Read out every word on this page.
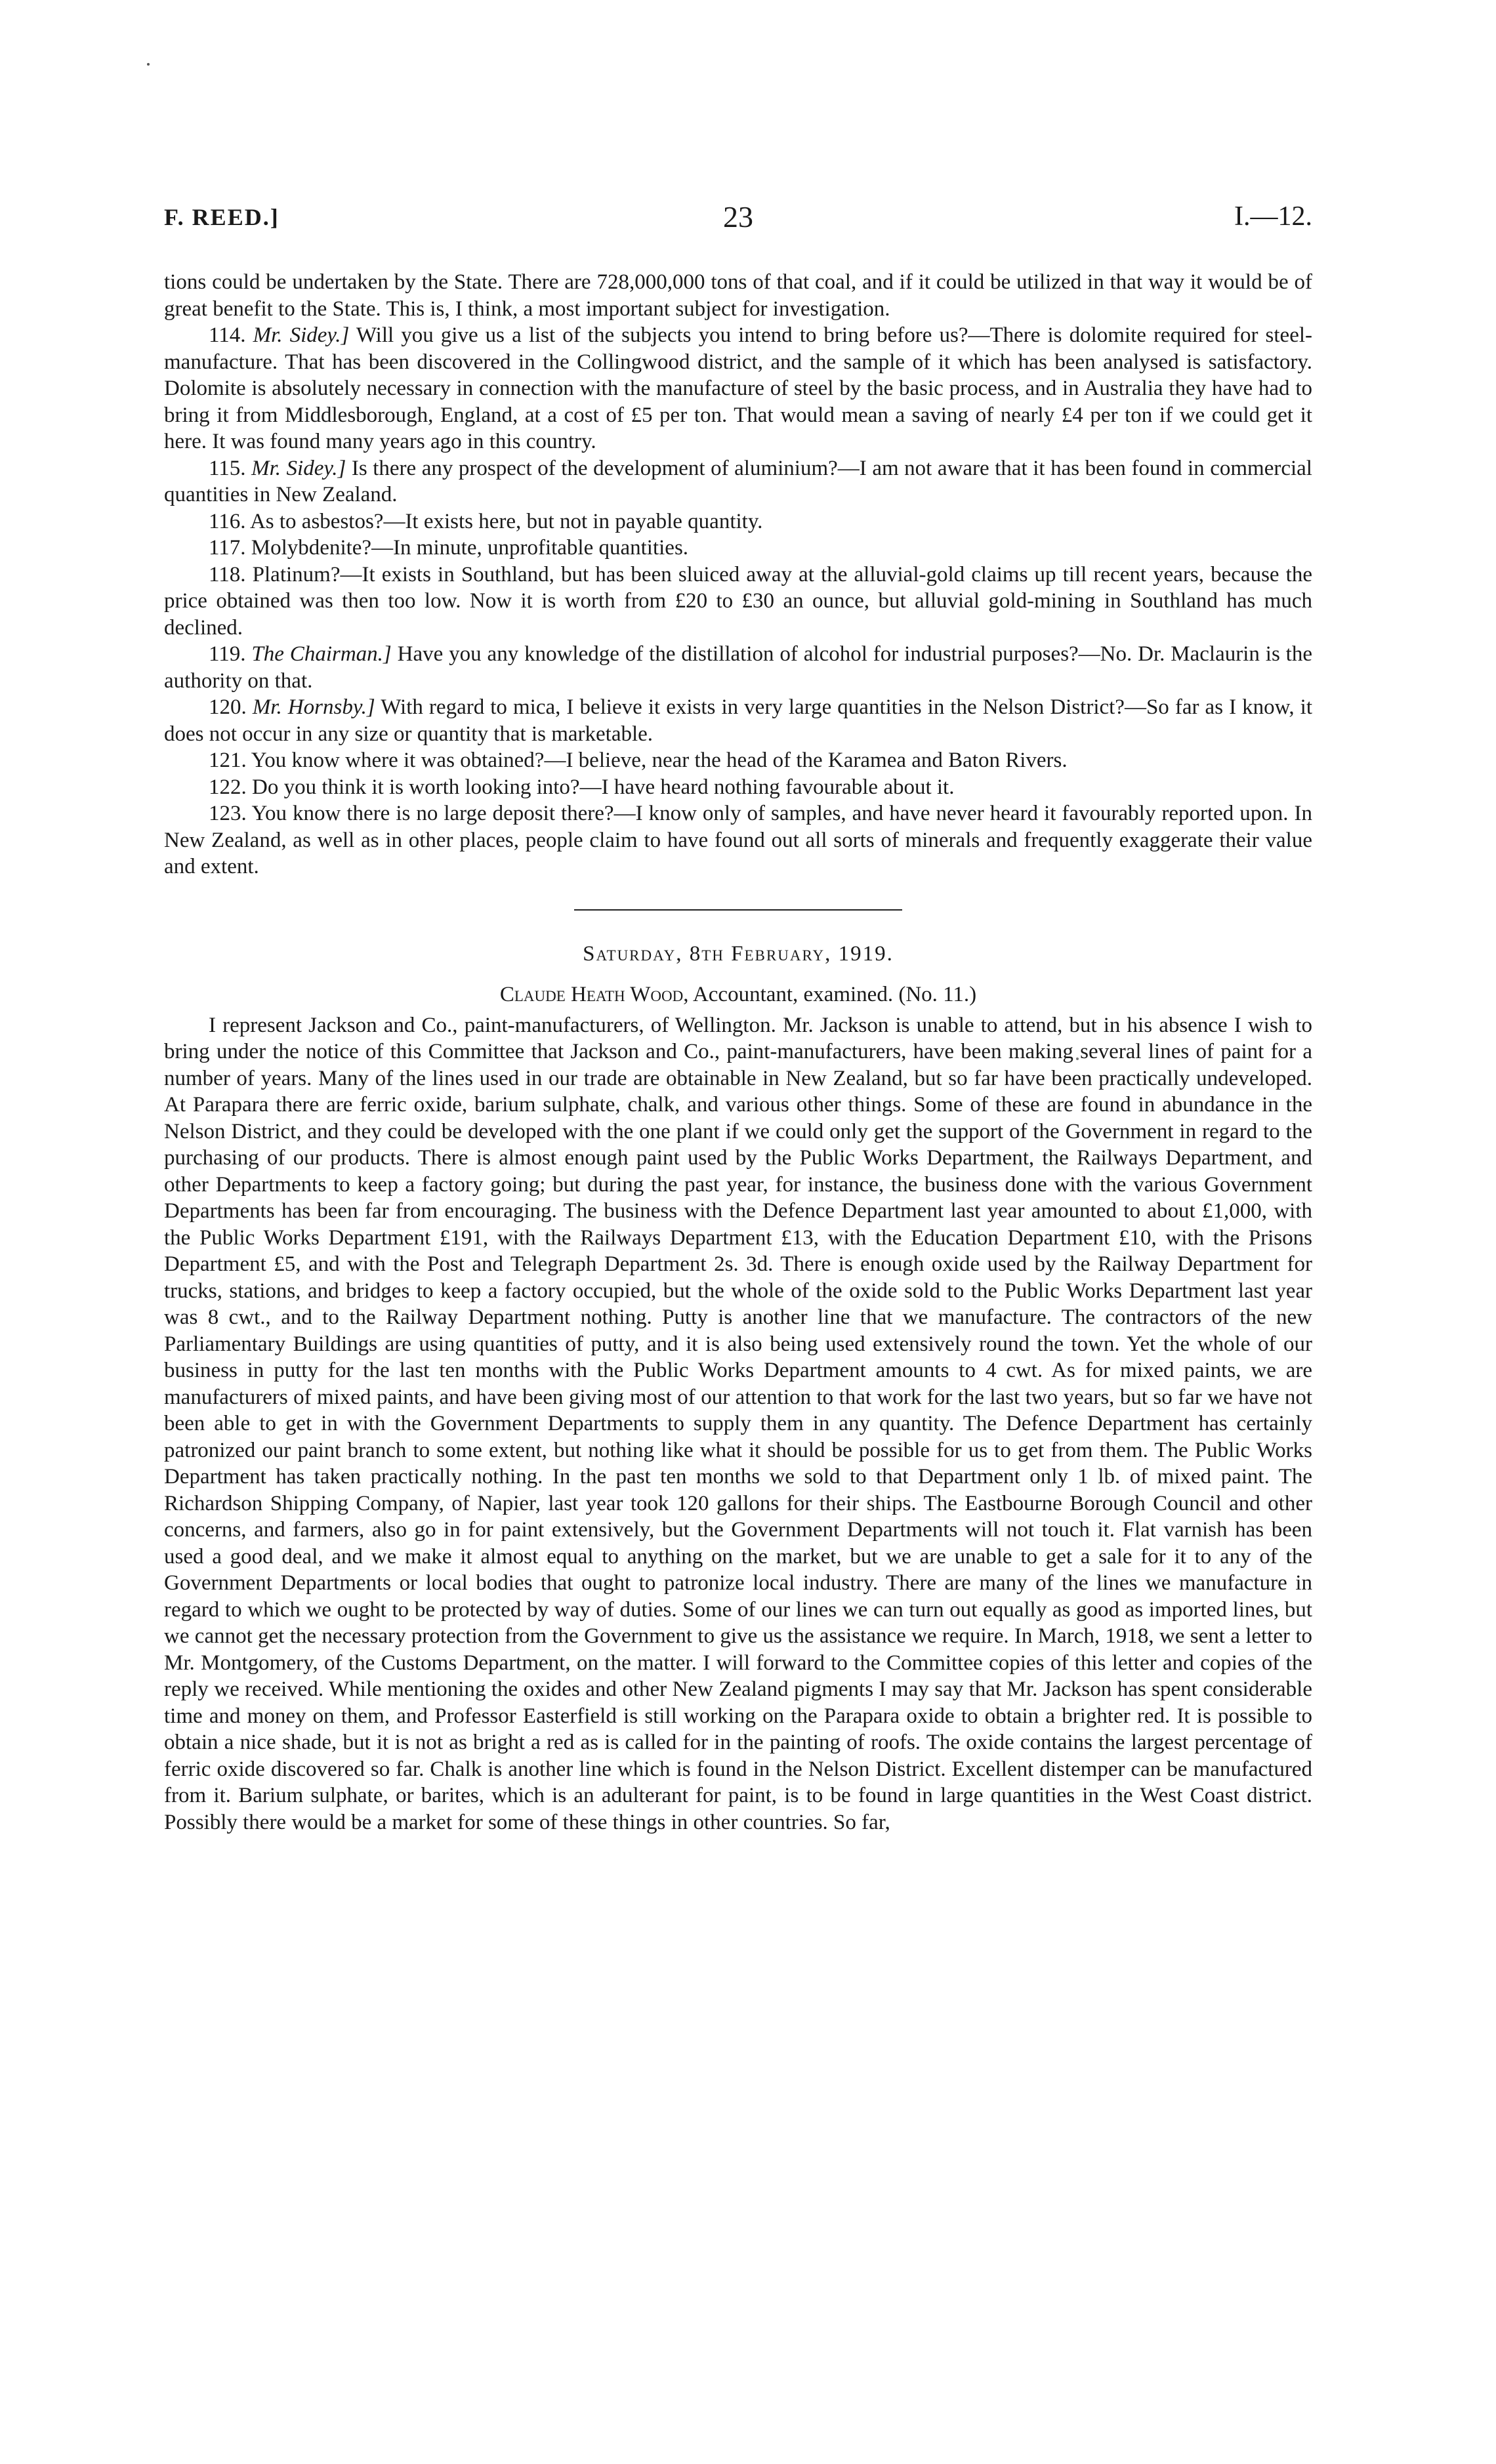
F. REED.]	23	I.—12.

tions could be undertaken by the State. There are 728,000,000 tons of that coal, and if it could be utilized in that way it would be of great benefit to the State. This is, I think, a most important subject for investigation.

114. Mr. Sidey.] Will you give us a list of the subjects you intend to bring before us?—There is dolomite required for steel-manufacture. That has been discovered in the Collingwood district, and the sample of it which has been analysed is satisfactory. Dolomite is absolutely necessary in connection with the manufacture of steel by the basic process, and in Australia they have had to bring it from Middlesborough, England, at a cost of £5 per ton. That would mean a saving of nearly £4 per ton if we could get it here. It was found many years ago in this country.

115. Mr. Sidey.] Is there any prospect of the development of aluminium?—I am not aware that it has been found in commercial quantities in New Zealand.

116. As to asbestos?—It exists here, but not in payable quantity.

117. Molybdenite?—In minute, unprofitable quantities.

118. Platinum?—It exists in Southland, but has been sluiced away at the alluvial-gold claims up till recent years, because the price obtained was then too low. Now it is worth from £20 to £30 an ounce, but alluvial gold-mining in Southland has much declined.

119. The Chairman.] Have you any knowledge of the distillation of alcohol for industrial purposes?—No. Dr. Maclaurin is the authority on that.

120. Mr. Hornsby.] With regard to mica, I believe it exists in very large quantities in the Nelson District?—So far as I know, it does not occur in any size or quantity that is marketable.

121. You know where it was obtained?—I believe, near the head of the Karamea and Baton Rivers.

122. Do you think it is worth looking into?—I have heard nothing favourable about it.

123. You know there is no large deposit there?—I know only of samples, and have never heard it favourably reported upon. In New Zealand, as well as in other places, people claim to have found out all sorts of minerals and frequently exaggerate their value and extent.

Saturday, 8th February, 1919.
Claude Heath Wood, Accountant, examined. (No. 11.)

I represent Jackson and Co., paint-manufacturers, of Wellington. Mr. Jackson is unable to attend, but in his absence I wish to bring under the notice of this Committee that Jackson and Co., paint-manufacturers, have been making several lines of paint for a number of years. Many of the lines used in our trade are obtainable in New Zealand, but so far have been practically undeveloped. At Parapara there are ferric oxide, barium sulphate, chalk, and various other things. Some of these are found in abundance in the Nelson District, and they could be developed with the one plant if we could only get the support of the Government in regard to the purchasing of our products. There is almost enough paint used by the Public Works Department, the Railways Department, and other Departments to keep a factory going; but during the past year, for instance, the business done with the various Government Departments has been far from encouraging. The business with the Defence Department last year amounted to about £1,000, with the Public Works Department £191, with the Railways Department £13, with the Education Department £10, with the Prisons Department £5, and with the Post and Telegraph Department 2s. 3d. There is enough oxide used by the Railway Department for trucks, stations, and bridges to keep a factory occupied, but the whole of the oxide sold to the Public Works Department last year was 8 cwt., and to the Railway Department nothing. Putty is another line that we manufacture. The contractors of the new Parliamentary Buildings are using quantities of putty, and it is also being used extensively round the town. Yet the whole of our business in putty for the last ten months with the Public Works Department amounts to 4 cwt. As for mixed paints, we are manufacturers of mixed paints, and have been giving most of our attention to that work for the last two years, but so far we have not been able to get in with the Government Departments to supply them in any quantity. The Defence Department has certainly patronized our paint branch to some extent, but nothing like what it should be possible for us to get from them. The Public Works Department has taken practically nothing. In the past ten months we sold to that Department only 1 lb. of mixed paint. The Richardson Shipping Company, of Napier, last year took 120 gallons for their ships. The Eastbourne Borough Council and other concerns, and farmers, also go in for paint extensively, but the Government Departments will not touch it. Flat varnish has been used a good deal, and we make it almost equal to anything on the market, but we are unable to get a sale for it to any of the Government Departments or local bodies that ought to patronize local industry. There are many of the lines we manufacture in regard to which we ought to be protected by way of duties. Some of our lines we can turn out equally as good as imported lines, but we cannot get the necessary protection from the Government to give us the assistance we require. In March, 1918, we sent a letter to Mr. Montgomery, of the Customs Department, on the matter. I will forward to the Committee copies of this letter and copies of the reply we received. While mentioning the oxides and other New Zealand pigments I may say that Mr. Jackson has spent considerable time and money on them, and Professor Easterfield is still working on the Parapara oxide to obtain a brighter red. It is possible to obtain a nice shade, but it is not as bright a red as is called for in the painting of roofs. The oxide contains the largest percentage of ferric oxide discovered so far. Chalk is another line which is found in the Nelson District. Excellent distemper can be manufactured from it. Barium sulphate, or barites, which is an adulterant for paint, is to be found in large quantities in the West Coast district. Possibly there would be a market for some of these things in other countries. So far,
